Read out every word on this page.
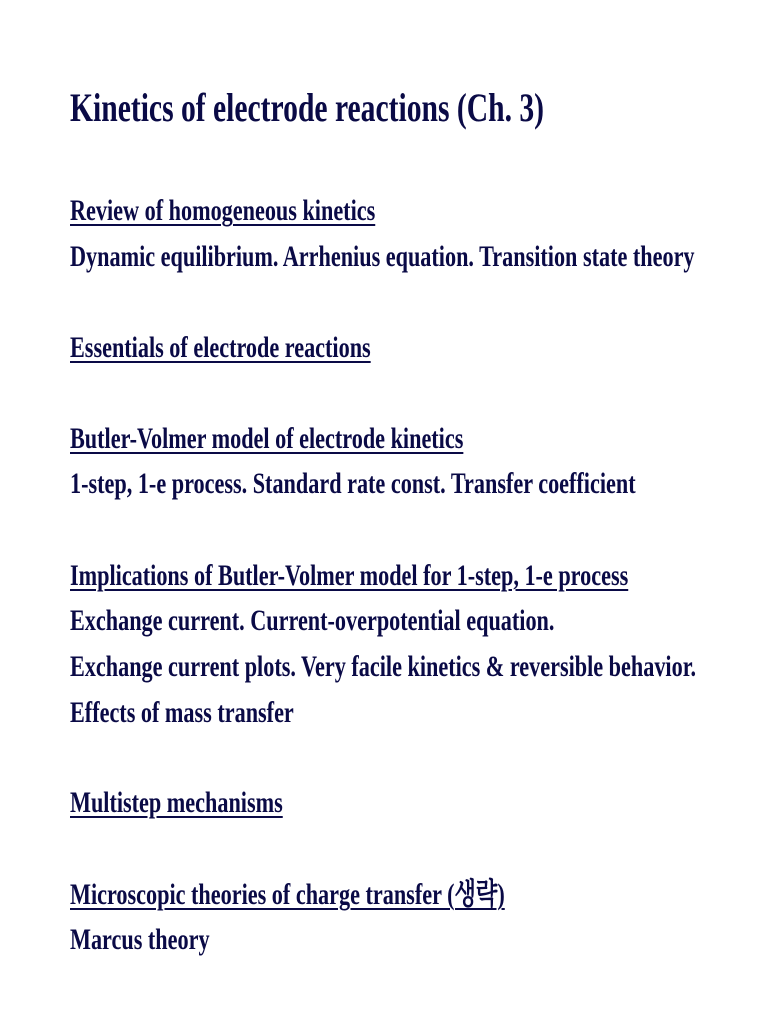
Kinetics of electrode reactions (Ch. 3)
Review of homogeneous kinetics
Dynamic equilibrium. Arrhenius equation. Transition state theory
Essentials of electrode reactions
Butler-Volmer model of electrode kinetics
1-step, 1-e process. Standard rate const. Transfer coefficient
Implications of Butler-Volmer model for 1-step, 1-e process
Exchange current. Current-overpotential equation.
Exchange current plots. Very facile kinetics & reversible behavior.
Effects of mass transfer
Multistep mechanisms
Microscopic theories of charge transfer (생략)
Marcus theory
